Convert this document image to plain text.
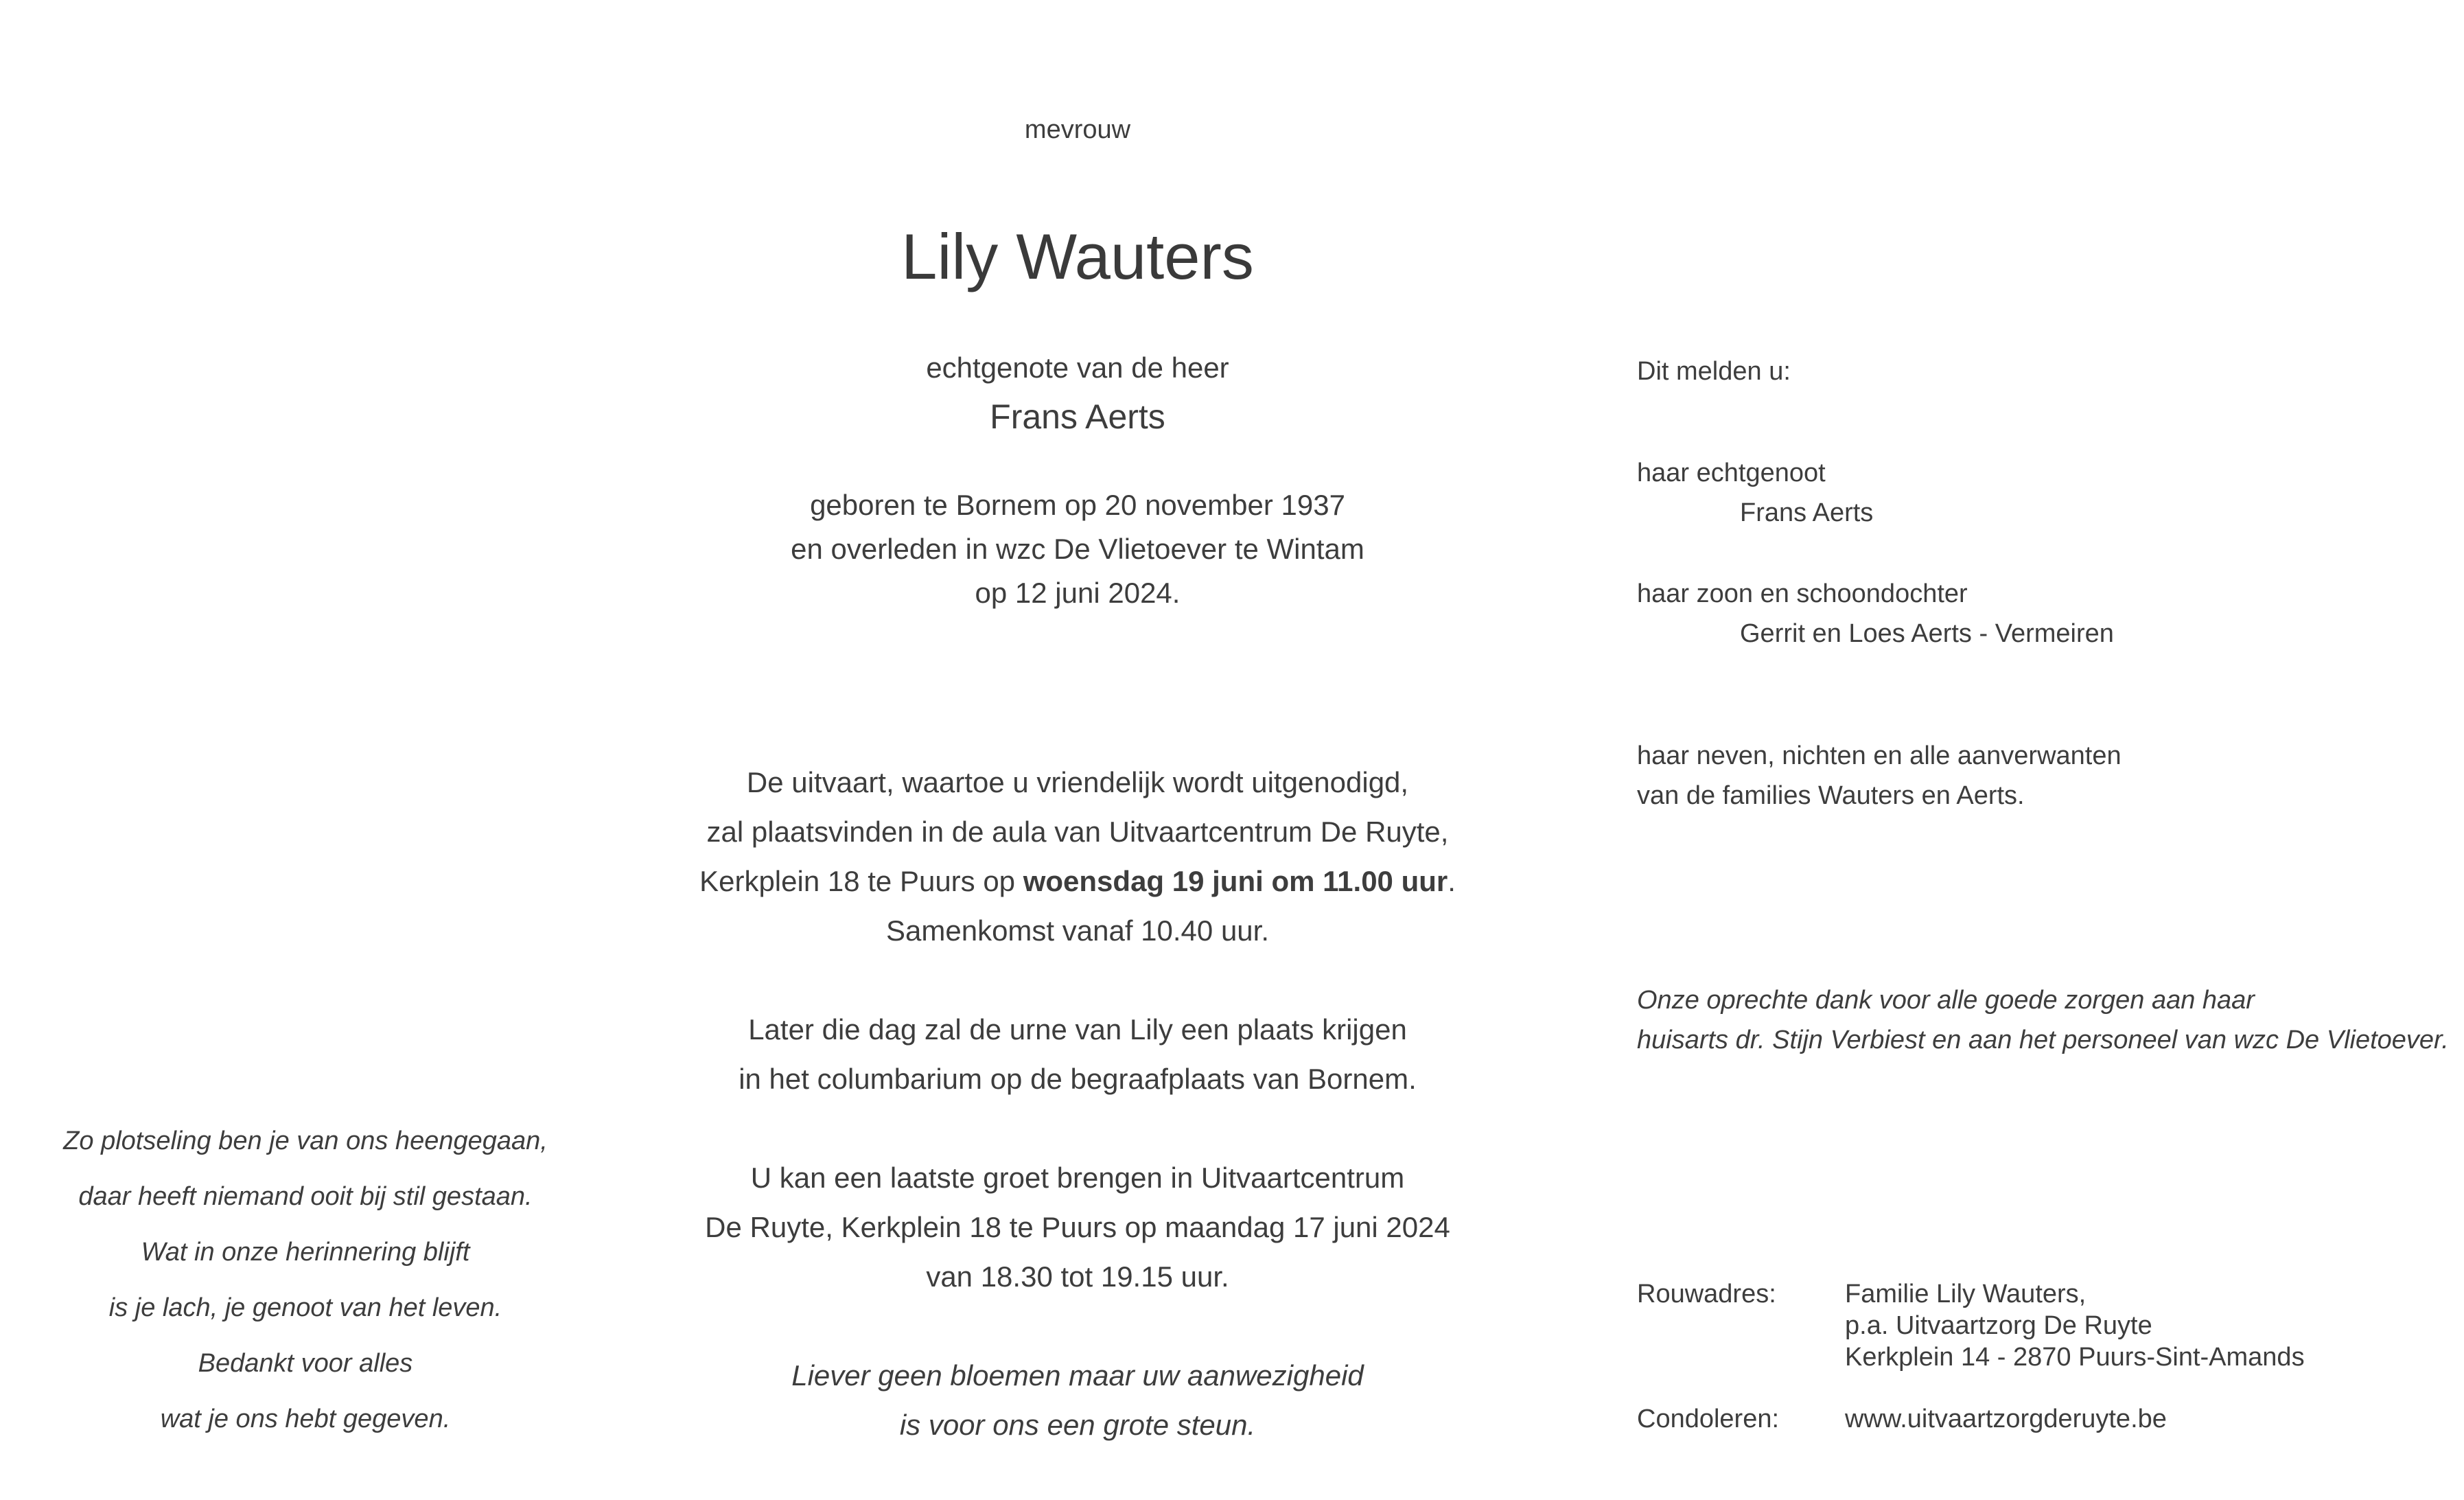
mevrouw
Lily Wauters
echtgenote van de heer
Frans Aerts

geboren te Bornem op 20 november 1937

en overleden in wzc De Vlietoever te Wintam

op 12 juni 2024.

De uitvaart, waartoe u vriendelijk wordt uitgenodigd,

zal plaatsvinden in de aula van Uitvaartcentrum De Ruyte,

Kerkplein 18 te Puurs op woensdag 19 juni om 11.00 uur.

Samenkomst vanaf 10.40 uur.

Later die dag zal de urne van Lily een plaats krijgen

in het columbarium op de begraafplaats van Bornem.

U kan een laatste groet brengen in Uitvaartcentrum

De Ruyte, Kerkplein 18 te Puurs op maandag 17 juni 2024

van 18.30 tot 19.15 uur.

Liever geen bloemen maar uw aanwezigheid

is voor ons een grote steun.

Zo plotseling ben je van ons heengegaan,

daar heeft niemand ooit bij stil gestaan.

Wat in onze herinnering blijft

is je lach, je genoot van het leven.

Bedankt voor alles

wat je ons hebt gegeven.

Dit melden u:

haar echtgenoot

Frans Aerts

haar zoon en schoondochter

Gerrit en Loes Aerts - Vermeiren

haar neven, nichten en alle aanverwanten

van de families Wauters en Aerts.

Onze oprechte dank voor alle goede zorgen aan haar

huisarts dr. Stijn Verbiest en aan het personeel van wzc De Vlietoever.

Rouwadres:	Familie Lily Wauters,
p.a. Uitvaartzorg De Ruyte
Kerkplein 14 - 2870 Puurs-Sint-Amands
Condoleren:	www.uitvaartzorgderuyte.be
